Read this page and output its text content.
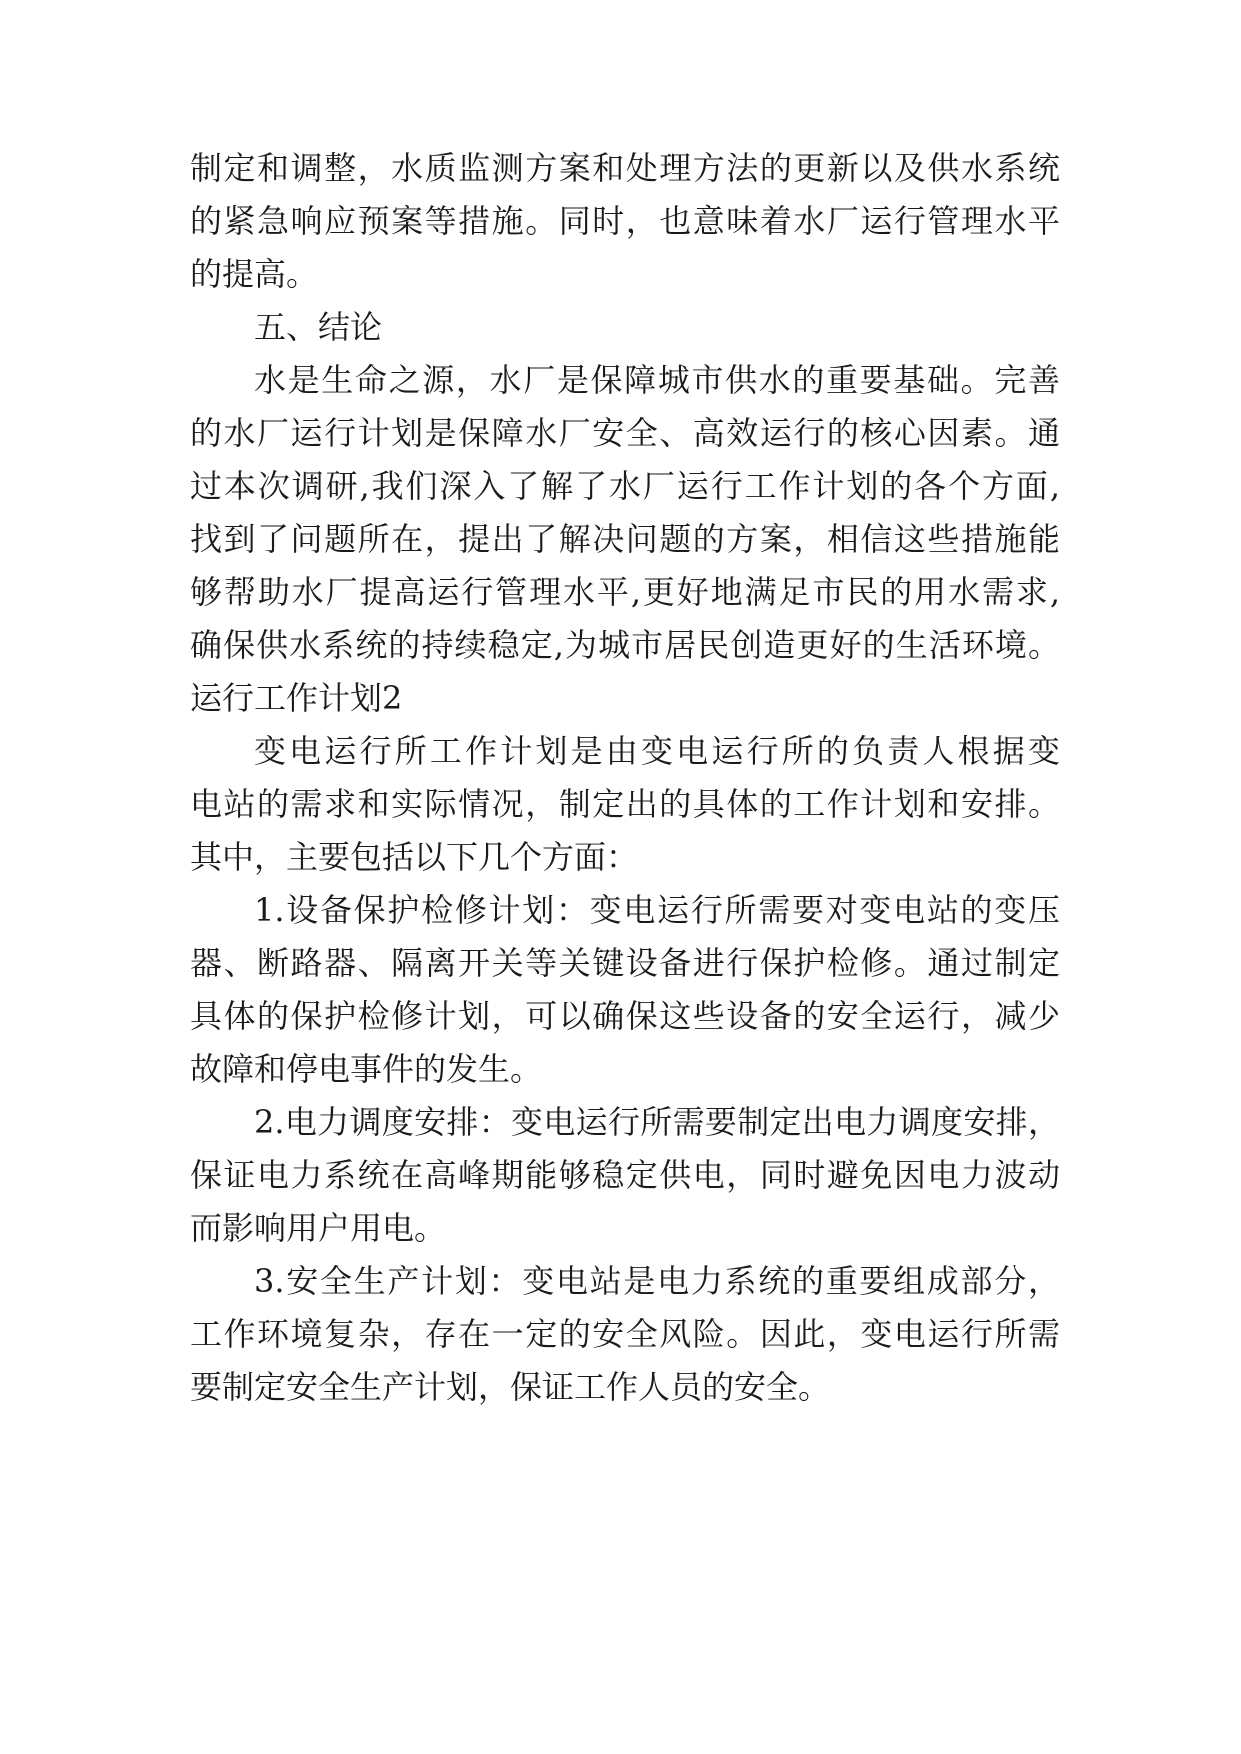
制定和调整，水质监测方案和处理方法的更新以及供水系统
的紧急响应预案等措施。同时，也意味着水厂运行管理水平
的提高。
五、结论
水是生命之源，水厂是保障城市供水的重要基础。完善
的水厂运行计划是保障水厂安全、高效运行的核心因素。通
过本次调研,我们深入了解了水厂运行工作计划的各个方面,
找到了问题所在，提出了解决问题的方案，相信这些措施能
够帮助水厂提高运行管理水平,更好地满足市民的用水需求,
确保供水系统的持续稳定,为城市居民创造更好的生活环境。
运行工作计划2
变电运行所工作计划是由变电运行所的负责人根据变
电站的需求和实际情况，制定出的具体的工作计划和安排。
其中，主要包括以下几个方面：
1.设备保护检修计划：变电运行所需要对变电站的变压
器、断路器、隔离开关等关键设备进行保护检修。通过制定
具体的保护检修计划，可以确保这些设备的安全运行，减少
故障和停电事件的发生。
2.电力调度安排：变电运行所需要制定出电力调度安排，
保证电力系统在高峰期能够稳定供电，同时避免因电力波动
而影响用户用电。
3.安全生产计划：变电站是电力系统的重要组成部分，
工作环境复杂，存在一定的安全风险。因此，变电运行所需
要制定安全生产计划，保证工作人员的安全。
